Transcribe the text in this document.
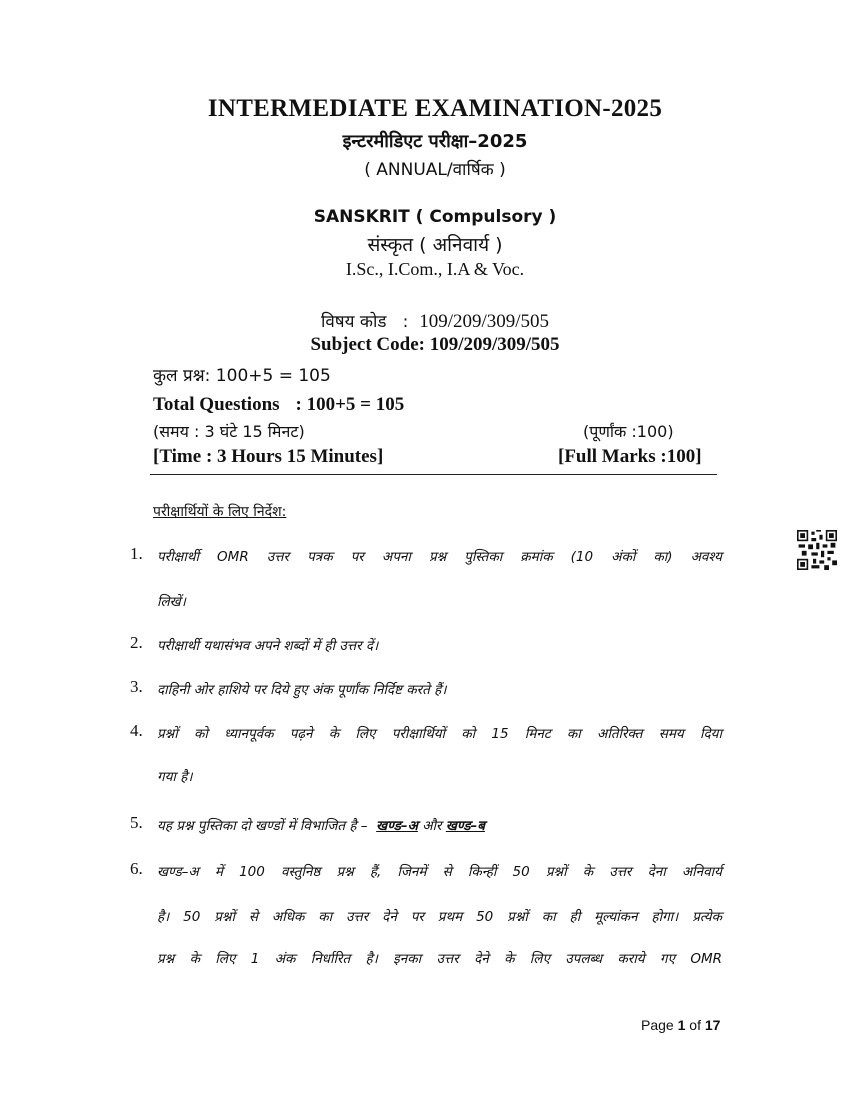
INTERMEDIATE EXAMINATION-2025
इन्टरमीडिएट परीक्षा–2025
( ANNUAL/वार्षिक )
SANSKRIT ( Compulsory )
संस्कृत ( अनिवार्य )
I.Sc., I.Com., I.A & Voc.
विषय कोड : 109/209/309/505
Subject Code: 109/209/309/505
कुल प्रश्न: 100+5 = 105
Total Questions : 100+5 = 105
(समय : 3 घंटे 15 मिनट)	(पूर्णांक :100)
[Time : 3 Hours 15 Minutes]	[Full Marks :100]
परीक्षार्थियों के लिए निर्देश:
1. परीक्षार्थी OMR उत्तर पत्रक पर अपना प्रश्न पुस्तिका क्रमांक (10 अंकों का) अवश्य
लिखें।
2. परीक्षार्थी यथासंभव अपने शब्दों में ही उत्तर दें।
3. दाहिनी ओर हाशिये पर दिये हुए अंक पूर्णांक निर्दिष्ट करते हैं।
4. प्रश्नों को ध्यानपूर्वक पढ़ने के लिए परीक्षार्थियों को 15 मिनट का अतिरिक्त समय दिया
गया है।
5. यह प्रश्न पुस्तिका दो खण्डों में विभाजित है – खण्ड–अ और खण्ड–ब
6. खण्ड–अ में 100 वस्तुनिष्ठ प्रश्न हैं, जिनमें से किन्हीं 50 प्रश्नों के उत्तर देना अनिवार्य
है। 50 प्रश्नों से अधिक का उत्तर देने पर प्रथम 50 प्रश्नों का ही मूल्यांकन होगा। प्रत्येक
प्रश्न के लिए 1 अंक निर्धारित है। इनका उत्तर देने के लिए उपलब्ध कराये गए OMR
Page 1 of 17
